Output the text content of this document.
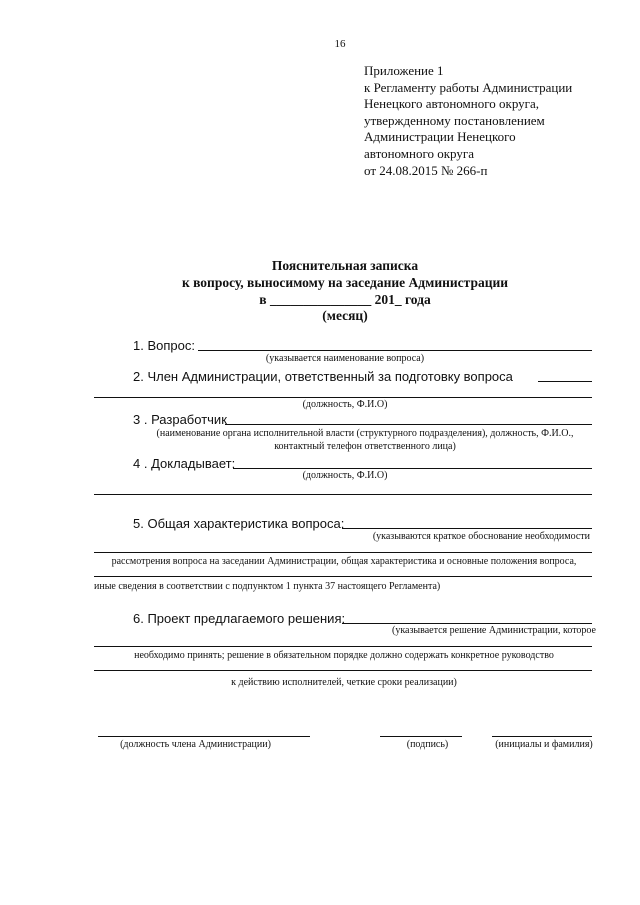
16
Приложение 1
к Регламенту работы Администрации
Ненецкого автономного округа,
утвержденному постановлением
Администрации Ненецкого
автономного округа
от 24.08.2015 № 266-п
Пояснительная записка
к вопросу, выносимому на заседание Администрации
в _______________ 201_ года
(месяц)
1. Вопрос:
(указывается наименование вопроса)
2. Член Администрации, ответственный за подготовку вопроса
(должность, Ф.И.О)
3 . Разработчик
(наименование органа исполнительной власти (структурного подразделения), должность, Ф.И.О.,
контактный телефон ответственного лица)
4 . Докладывает:
(должность, Ф.И.О)
5. Общая характеристика вопроса:
(указываются краткое обоснование необходимости
рассмотрения вопроса на заседании Администрации, общая характеристика и основные положения вопроса,
иные сведения в соответствии с подпунктом 1 пункта 37 настоящего Регламента)
6. Проект предлагаемого решения:
(указывается решение Администрации, которое
необходимо принять; решение в обязательном порядке должно содержать конкретное руководство
к действию исполнителей, четкие сроки реализации)
(должность члена Администрации)	(подпись)	(инициалы и фамилия)
